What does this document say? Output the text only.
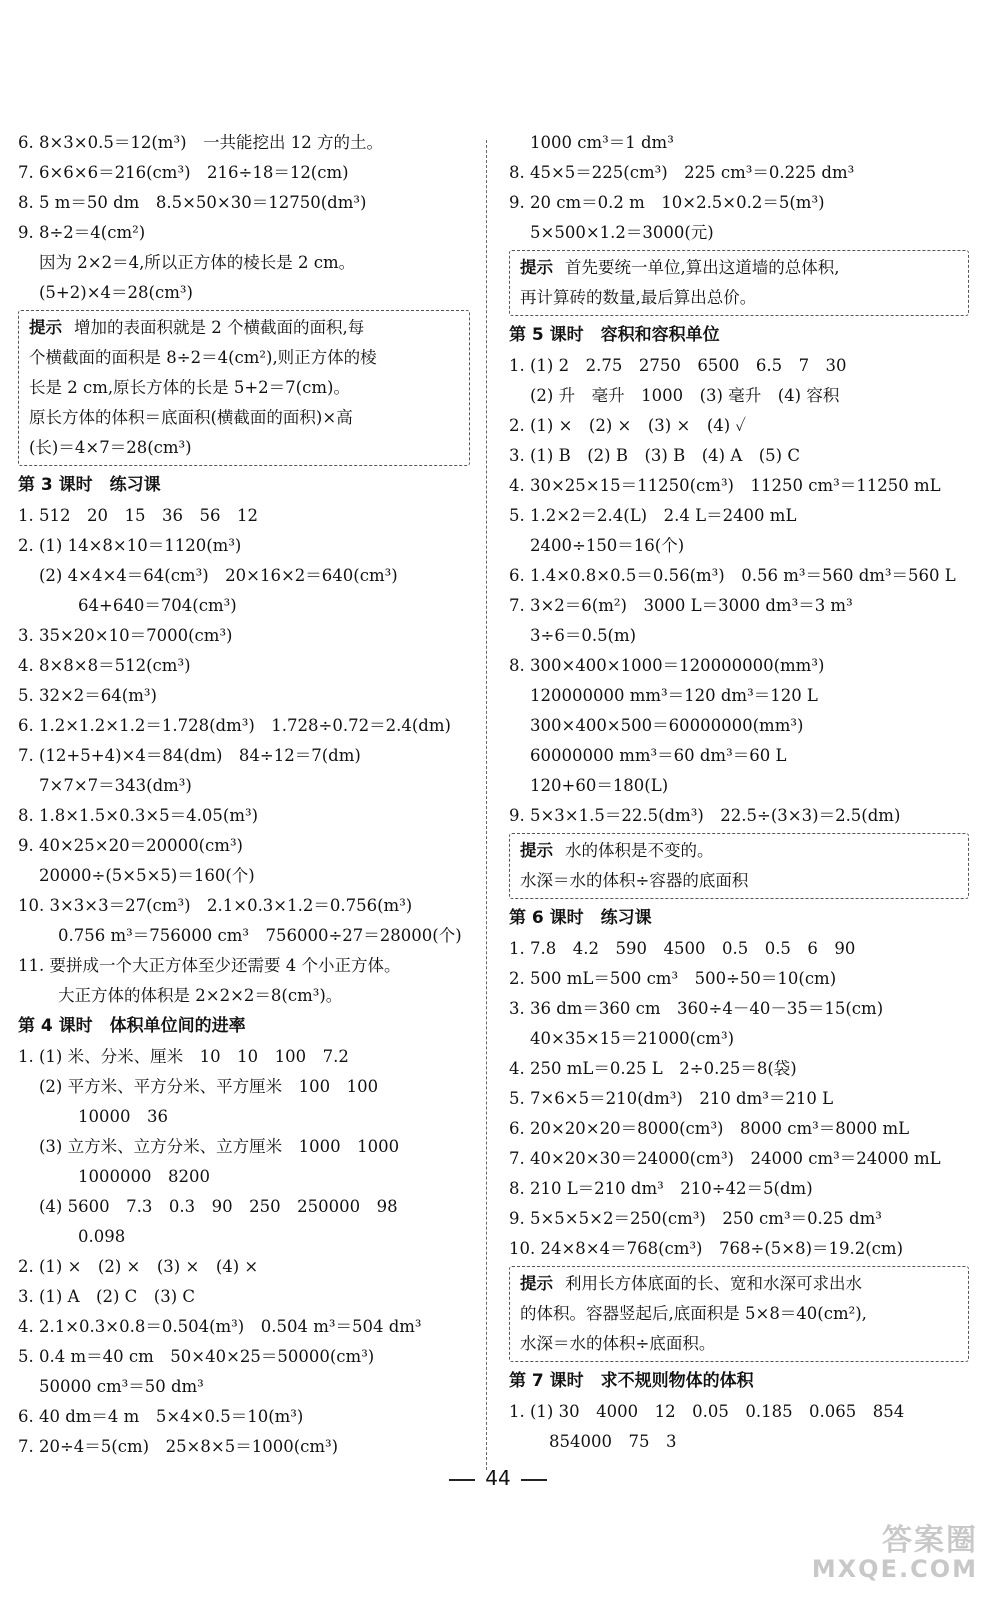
6. 8×3×0.5＝12(m³)　一共能挖出 12 方的土。
7. 6×6×6＝216(cm³)　216÷18＝12(cm)
8. 5 m＝50 dm　8.5×50×30＝12750(dm³)
9. 8÷2＝4(cm²)
因为 2×2＝4,所以正方体的棱长是 2 cm。
(5+2)×4＝28(cm³)
提示 增加的表面积就是 2 个横截面的面积,每
个横截面的面积是 8÷2＝4(cm²),则正方体的棱
长是 2 cm,原长方体的长是 5+2＝7(cm)。
原长方体的体积＝底面积(横截面的面积)×高
(长)＝4×7＝28(cm³)
第 3 课时　练习课
1. 512　20　15　36　56　12
2. (1) 14×8×10＝1120(m³)
(2) 4×4×4＝64(cm³)　20×16×2＝640(cm³)
64+640＝704(cm³)
3. 35×20×10＝7000(cm³)
4. 8×8×8＝512(cm³)
5. 32×2＝64(m³)
6. 1.2×1.2×1.2＝1.728(dm³)　1.728÷0.72＝2.4(dm)
7. (12+5+4)×4＝84(dm)　84÷12＝7(dm)
7×7×7＝343(dm³)
8. 1.8×1.5×0.3×5＝4.05(m³)
9. 40×25×20＝20000(cm³)
20000÷(5×5×5)＝160(个)
10. 3×3×3＝27(cm³)　2.1×0.3×1.2＝0.756(m³)
0.756 m³＝756000 cm³　756000÷27＝28000(个)
11. 要拼成一个大正方体至少还需要 4 个小正方体。
大正方体的体积是 2×2×2＝8(cm³)。
第 4 课时　体积单位间的进率
1. (1) 米、分米、厘米　10　10　100　7.2
(2) 平方米、平方分米、平方厘米　100　100
10000　36
(3) 立方米、立方分米、立方厘米　1000　1000
1000000　8200
(4) 5600　7.3　0.3　90　250　250000　98
0.098
2. (1) ×　(2) ×　(3) ×　(4) ×
3. (1) A　(2) C　(3) C
4. 2.1×0.3×0.8＝0.504(m³)　0.504 m³＝504 dm³
5. 0.4 m＝40 cm　50×40×25＝50000(cm³)
50000 cm³＝50 dm³
6. 40 dm＝4 m　5×4×0.5＝10(m³)
7. 20÷4＝5(cm)　25×8×5＝1000(cm³)
1000 cm³＝1 dm³
8. 45×5＝225(cm³)　225 cm³＝0.225 dm³
9. 20 cm＝0.2 m　10×2.5×0.2＝5(m³)
5×500×1.2＝3000(元)
提示 首先要统一单位,算出这道墙的总体积,
再计算砖的数量,最后算出总价。
第 5 课时　容积和容积单位
1. (1) 2　2.75　2750　6500　6.5　7　30
(2) 升　毫升　1000　(3) 毫升　(4) 容积
2. (1) ×　(2) ×　(3) ×　(4) ✓
3. (1) B　(2) B　(3) B　(4) A　(5) C
4. 30×25×15＝11250(cm³)　11250 cm³＝11250 mL
5. 1.2×2＝2.4(L)　2.4 L＝2400 mL
2400÷150＝16(个)
6. 1.4×0.8×0.5＝0.56(m³)　0.56 m³＝560 dm³＝560 L
7. 3×2＝6(m²)　3000 L＝3000 dm³＝3 m³
3÷6＝0.5(m)
8. 300×400×1000＝120000000(mm³)
120000000 mm³＝120 dm³＝120 L
300×400×500＝60000000(mm³)
60000000 mm³＝60 dm³＝60 L
120+60＝180(L)
9. 5×3×1.5＝22.5(dm³)　22.5÷(3×3)＝2.5(dm)
提示 水的体积是不变的。
水深＝水的体积÷容器的底面积
第 6 课时　练习课
1. 7.8　4.2　590　4500　0.5　0.5　6　90
2. 500 mL＝500 cm³　500÷50＝10(cm)
3. 36 dm＝360 cm　360÷4－40－35＝15(cm)
40×35×15＝21000(cm³)
4. 250 mL＝0.25 L　2÷0.25＝8(袋)
5. 7×6×5＝210(dm³)　210 dm³＝210 L
6. 20×20×20＝8000(cm³)　8000 cm³＝8000 mL
7. 40×20×30＝24000(cm³)　24000 cm³＝24000 mL
8. 210 L＝210 dm³　210÷42＝5(dm)
9. 5×5×5×2＝250(cm³)　250 cm³＝0.25 dm³
10. 24×8×4＝768(cm³)　768÷(5×8)＝19.2(cm)
提示 利用长方体底面的长、宽和水深可求出水
的体积。容器竖起后,底面积是 5×8＝40(cm²),
水深＝水的体积÷底面积。
第 7 课时　求不规则物体的体积
1. (1) 30　4000　12　0.05　0.185　0.065　854
854000　75　3
44
答案圈
MXQE.COM
